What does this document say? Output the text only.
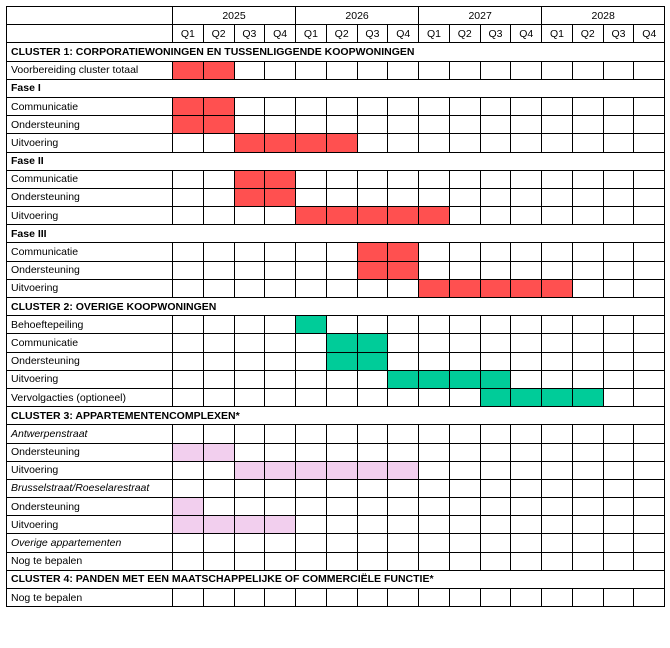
	2025				2026				2027				2028			
	Q1	Q2	Q3	Q4	Q1	Q2	Q3	Q4	Q1	Q2	Q3	Q4	Q1	Q2	Q3	Q4
CLUSTER 1: CORPORATIEWONINGEN EN TUSSENLIGGENDE KOOPWONINGEN																
Voorbereiding cluster totaal																
Fase I																
Communicatie																
Ondersteuning																
Uitvoering																
Fase II																
Communicatie																
Ondersteuning																
Uitvoering																
Fase III																
Communicatie																
Ondersteuning																
Uitvoering																
CLUSTER 2: OVERIGE KOOPWONINGEN																
Behoeftepeiling																
Communicatie																
Ondersteuning																
Uitvoering																
Vervolgacties (optioneel)																
CLUSTER 3: APPARTEMENTENCOMPLEXEN*																
Antwerpenstraat																
Ondersteuning																
Uitvoering																
Brusselstraat/Roeselarestraat																
Ondersteuning																
Uitvoering																
Overige appartementen																
Nog te bepalen																
CLUSTER 4: PANDEN MET EEN MAATSCHAPPELIJKE OF COMMERCIËLE FUNCTIE*																
Nog te bepalen																
